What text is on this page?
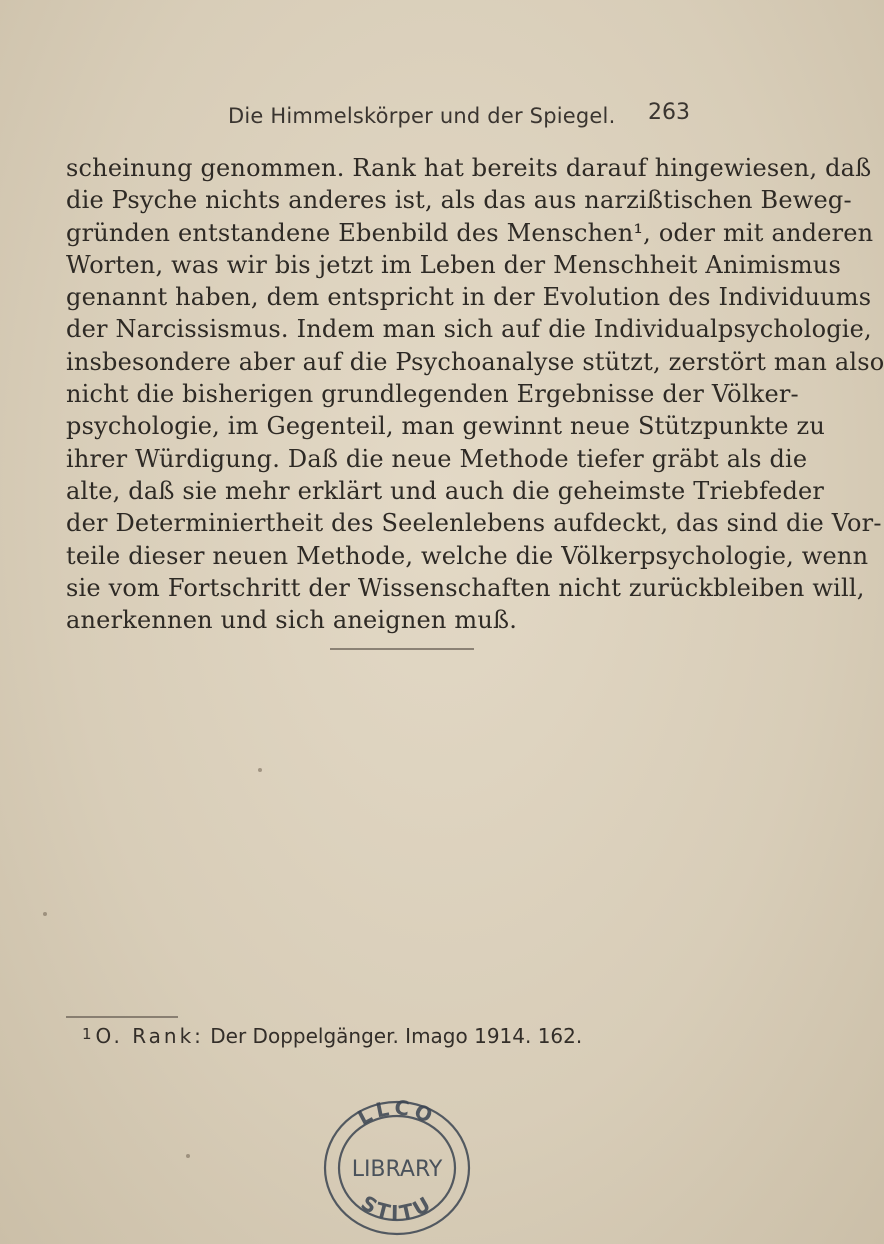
Die Himmelskörper und der Spiegel. 263
scheinung genommen. Rank hat bereits darauf hingewiesen, daß
die Psyche nichts anderes ist, als das aus narzißtischen Beweg-
gründen entstandene Ebenbild des Menschen¹, oder mit anderen
Worten, was wir bis jetzt im Leben der Menschheit Animismus
genannt haben, dem entspricht in der Evolution des Individuums
der Narcissismus. Indem man sich auf die Individualpsychologie,
insbesondere aber auf die Psychoanalyse stützt, zerstört man also
nicht die bisherigen grundlegenden Ergebnisse der Völker-
psychologie, im Gegenteil, man gewinnt neue Stützpunkte zu
ihrer Würdigung. Daß die neue Methode tiefer gräbt als die
alte, daß sie mehr erklärt und auch die geheimste Triebfeder
der Determiniertheit des Seelenlebens aufdeckt, das sind die Vor-
teile dieser neuen Methode, welche die Völkerpsychologie, wenn
sie vom Fortschritt der Wissenschaften nicht zurückbleiben will,
anerkennen und sich aneignen muß.
$^1$ O. Rank: Der Doppelgänger. Imago 1914. 162.
LLCO
LIBRARY
STITU
